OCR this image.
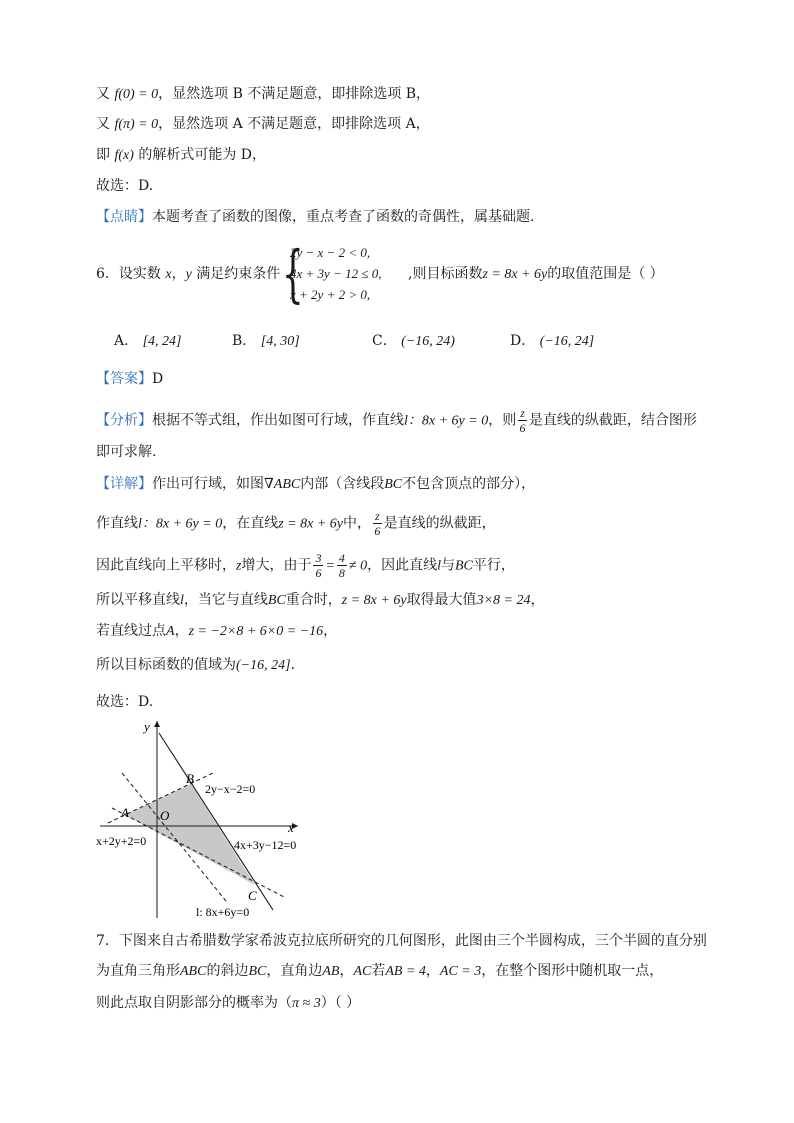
又 f(0) = 0，显然选项 B 不满足题意，即排除选项 B，
又 f(π) = 0，显然选项 A 不满足题意，即排除选项 A，
即 f(x) 的解析式可能为 D，
故选：D.
【点睛】本题考查了函数的图像，重点考查了函数的奇偶性，属基础题.
6．设实数 x，y 满足约束条件 {
2y − x − 2 < 0,
4x + 3y − 12 ≤ 0,
x + 2y + 2 > 0,
,则目标函数z = 8x + 6y的取值范围是（ ）
A． [4, 24]	B． [4, 30]	C． (−16, 24)	D． (−16, 24]
【答案】D
【分析】根据不等式组，作出如图可行域，作直线l：8x + 6y = 0，则 $\frac{z}{6}$ 是直线的纵截距，结合图形
即可求解.
【详解】作出可行域，如图∇ABC内部（含线段BC不包含顶点的部分），
作直线l：8x + 6y = 0，在直线z = 8x + 6y中， $\frac{z}{6}$ 是直线的纵截距，
因此直线向上平移时，z增大，由于 $\frac{3}{6} = \frac{4}{8} \ne 0$，因此直线l与BC平行，
所以平移直线l，当它与直线BC重合时，z = 8x + 6y取得最大值3×8 = 24，
若直线过点A，z = −2×8 + 6×0 = −16，
所以目标函数的值域为(−16, 24].
故选：D.
y
x
O
A
B
C
2y−x−2=0
4x+3y−12=0
x+2y+2=0
l: 8x+6y=0
7．下图来自古希腊数学家希波克拉底所研究的几何图形，此图由三个半圆构成，三个半圆的直分别
为直角三角形ABC的斜边BC，直角边AB，AC若AB = 4，AC = 3，在整个图形中随机取一点，
则此点取自阴影部分的概率为（π ≈ 3）（ ）
